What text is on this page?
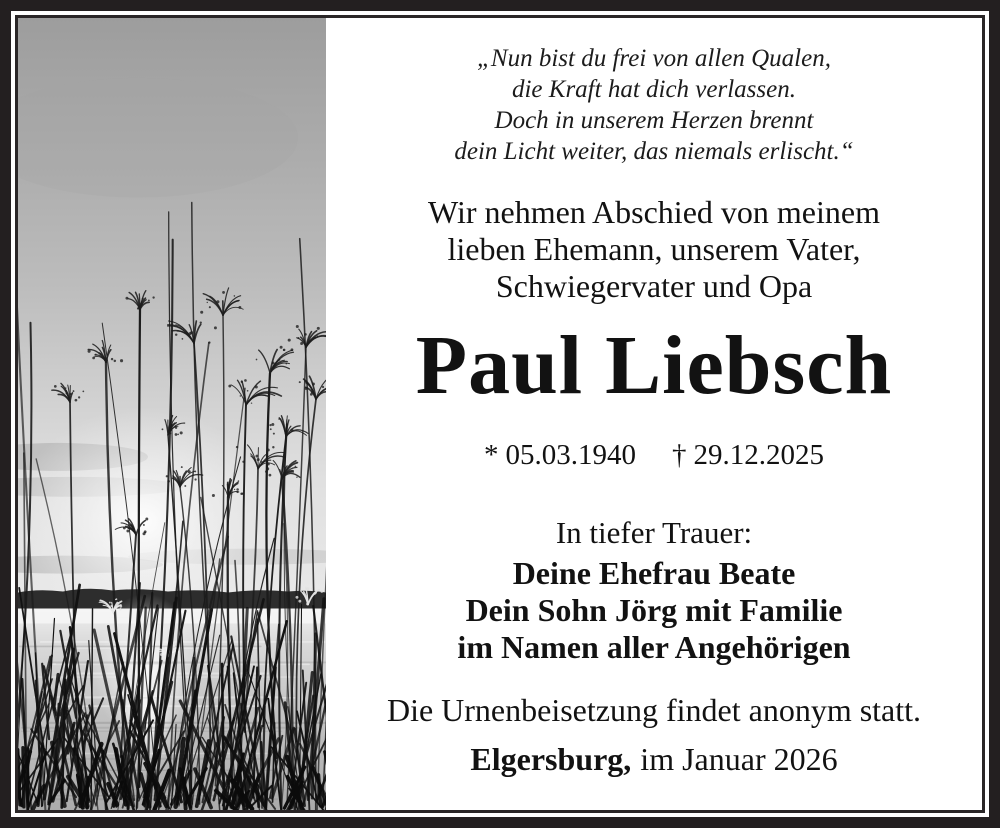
„Nun bist du frei von allen Qualen,
die Kraft hat dich verlassen.
Doch in unserem Herzen brennt
dein Licht weiter, das niemals erlischt.“
Wir nehmen Abschied von meinem
lieben Ehemann, unserem Vater,
Schwiegervater und Opa
Paul Liebsch
* 05.03.1940 † 29.12.2025
In tiefer Trauer:
Deine Ehefrau Beate
Dein Sohn Jörg mit Familie
im Namen aller Angehörigen
Die Urnenbeisetzung findet anonym statt.
Elgersburg, im Januar 2026
